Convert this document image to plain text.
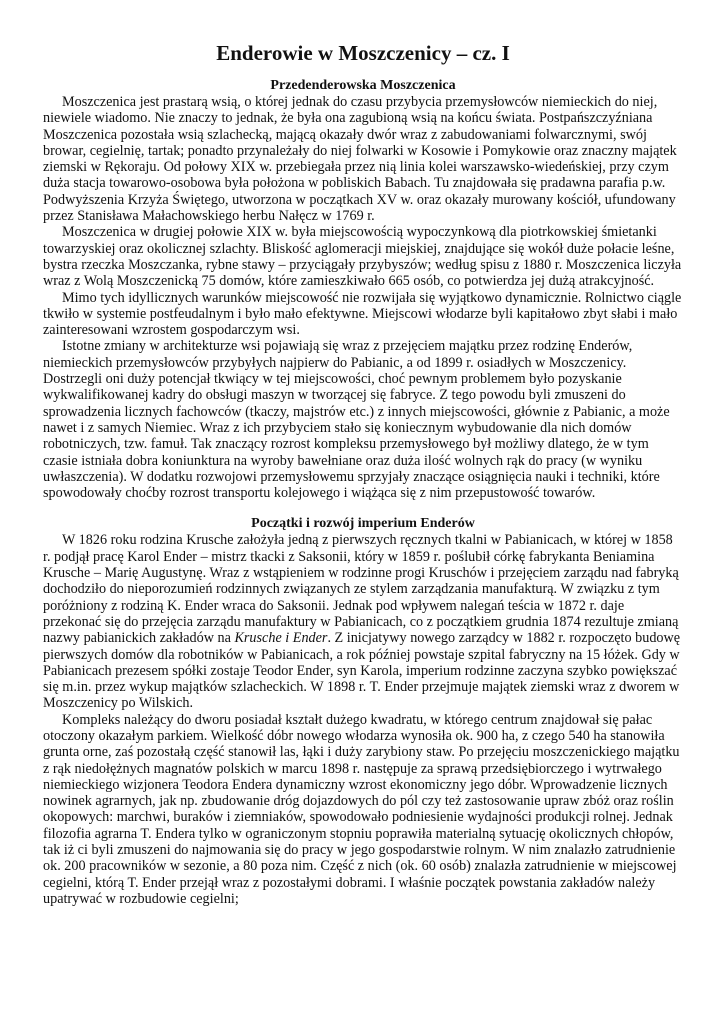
Enderowie w Moszczenicy – cz. I
Przedenderowska Moszczenica

Moszczenica jest prastarą wsią, o której jednak do czasu przybycia przemysłowców niemieckich do niej, niewiele wiadomo. Nie znaczy to jednak, że była ona zagubioną wsią na końcu świata. Postpańszczyźniana Moszczenica pozostała wsią szlachecką, mającą okazały dwór wraz z zabudowaniami folwarcznymi, swój browar, cegielnię, tartak; ponadto przynależały do niej folwarki w Kosowie i Pomykowie oraz znaczny majątek ziemski w Rękoraju. Od połowy XIX w. przebiegała przez nią linia kolei warszawsko-wiedeńskiej, przy czym duża stacja towarowo-osobowa była położona w pobliskich Babach. Tu znajdowała się pradawna parafia p.w. Podwyższenia Krzyża Świętego, utworzona w początkach XV w. oraz okazały murowany kościół, ufundowany przez Stanisława Małachowskiego herbu Nałęcz w 1769 r.

Moszczenica w drugiej połowie XIX w. była miejscowością wypoczynkową dla piotrkowskiej śmietanki towarzyskiej oraz okolicznej szlachty. Bliskość aglomeracji miejskiej, znajdujące się wokół duże połacie leśne, bystra rzeczka Moszczanka, rybne stawy – przyciągały przybyszów; według spisu z 1880 r. Moszczenica liczyła wraz z Wolą Moszczenicką 75 domów, które zamieszkiwało 665 osób, co potwierdza jej dużą atrakcyjność.

Mimo tych idyllicznych warunków miejscowość nie rozwijała się wyjątkowo dynamicznie. Rolnictwo ciągle tkwiło w systemie postfeudalnym i było mało efektywne. Miejscowi włodarze byli kapitałowo zbyt słabi i mało zainteresowani wzrostem gospodarczym wsi.

Istotne zmiany w architekturze wsi pojawiają się wraz z przejęciem majątku przez rodzinę Enderów, niemieckich przemysłowców przybyłych najpierw do Pabianic, a od 1899 r. osiadłych w Moszczenicy. Dostrzegli oni duży potencjał tkwiący w tej miejscowości, choć pewnym problemem było pozyskanie wykwalifikowanej kadry do obsługi maszyn w tworzącej się fabryce. Z tego powodu byli zmuszeni do sprowadzenia licznych fachowców (tkaczy, majstrów etc.) z innych miejscowości, głównie z Pabianic, a może nawet i z samych Niemiec. Wraz z ich przybyciem stało się koniecznym wybudowanie dla nich domów robotniczych, tzw. famuł. Tak znaczący rozrost kompleksu przemysłowego był możliwy dlatego, że w tym czasie istniała dobra koniunktura na wyroby bawełniane oraz duża ilość wolnych rąk do pracy (w wyniku uwłaszczenia). W dodatku rozwojowi przemysłowemu sprzyjały znaczące osiągnięcia nauki i techniki, które spowodowały choćby rozrost transportu kolejowego i wiążąca się z nim przepustowość towarów.

Początki i rozwój imperium Enderów

W 1826 roku rodzina Krusche założyła jedną z pierwszych ręcznych tkalni w Pabianicach, w której w 1858 r. podjął pracę Karol Ender – mistrz tkacki z Saksonii, który w 1859 r. poślubił córkę fabrykanta Beniamina Krusche – Marię Augustynę. Wraz z wstąpieniem w rodzinne progi Kruschów i przejęciem zarządu nad fabryką dochodziło do nieporozumień rodzinnych związanych ze stylem zarządzania manufakturą. W związku z tym poróżniony z rodziną K. Ender wraca do Saksonii. Jednak pod wpływem nalegań teścia w 1872 r. daje przekonać się do przejęcia zarządu manufaktury w Pabianicach, co z początkiem grudnia 1874 rezultuje zmianą nazwy pabianickich zakładów na Krusche i Ender. Z inicjatywy nowego zarządcy w 1882 r. rozpoczęto budowę pierwszych domów dla robotników w Pabianicach, a rok później powstaje szpital fabryczny na 15 łóżek. Gdy w Pabianicach prezesem spółki zostaje Teodor Ender, syn Karola, imperium rodzinne zaczyna szybko powiększać się m.in. przez wykup majątków szlacheckich. W 1898 r. T. Ender przejmuje majątek ziemski wraz z dworem w Moszczenicy po Wilskich.

Kompleks należący do dworu posiadał kształt dużego kwadratu, w którego centrum znajdował się pałac otoczony okazałym parkiem. Wielkość dóbr nowego włodarza wynosiła ok. 900 ha, z czego 540 ha stanowiła grunta orne, zaś pozostałą część stanowił las, łąki i duży zarybiony staw. Po przejęciu moszczenickiego majątku z rąk niedołężnych magnatów polskich w marcu 1898 r. następuje za sprawą przedsiębiorczego i wytrwałego niemieckiego wizjonera Teodora Endera dynamiczny wzrost ekonomiczny jego dóbr. Wprowadzenie licznych nowinek agrarnych, jak np. zbudowanie dróg dojazdowych do pól czy też zastosowanie upraw zbóż oraz roślin okopowych: marchwi, buraków i ziemniaków, spowodowało podniesienie wydajności produkcji rolnej. Jednak filozofia agrarna T. Endera tylko w ograniczonym stopniu poprawiła materialną sytuację okolicznych chłopów, tak iż ci byli zmuszeni do najmowania się do pracy w jego gospodarstwie rolnym. W nim znalazło zatrudnienie ok. 200 pracowników w sezonie, a 80 poza nim. Część z nich (ok. 60 osób) znalazła zatrudnienie w miejscowej cegielni, którą T. Ender przejął wraz z pozostałymi dobrami. I właśnie początek powstania zakładów należy upatrywać w rozbudowie cegielni;
